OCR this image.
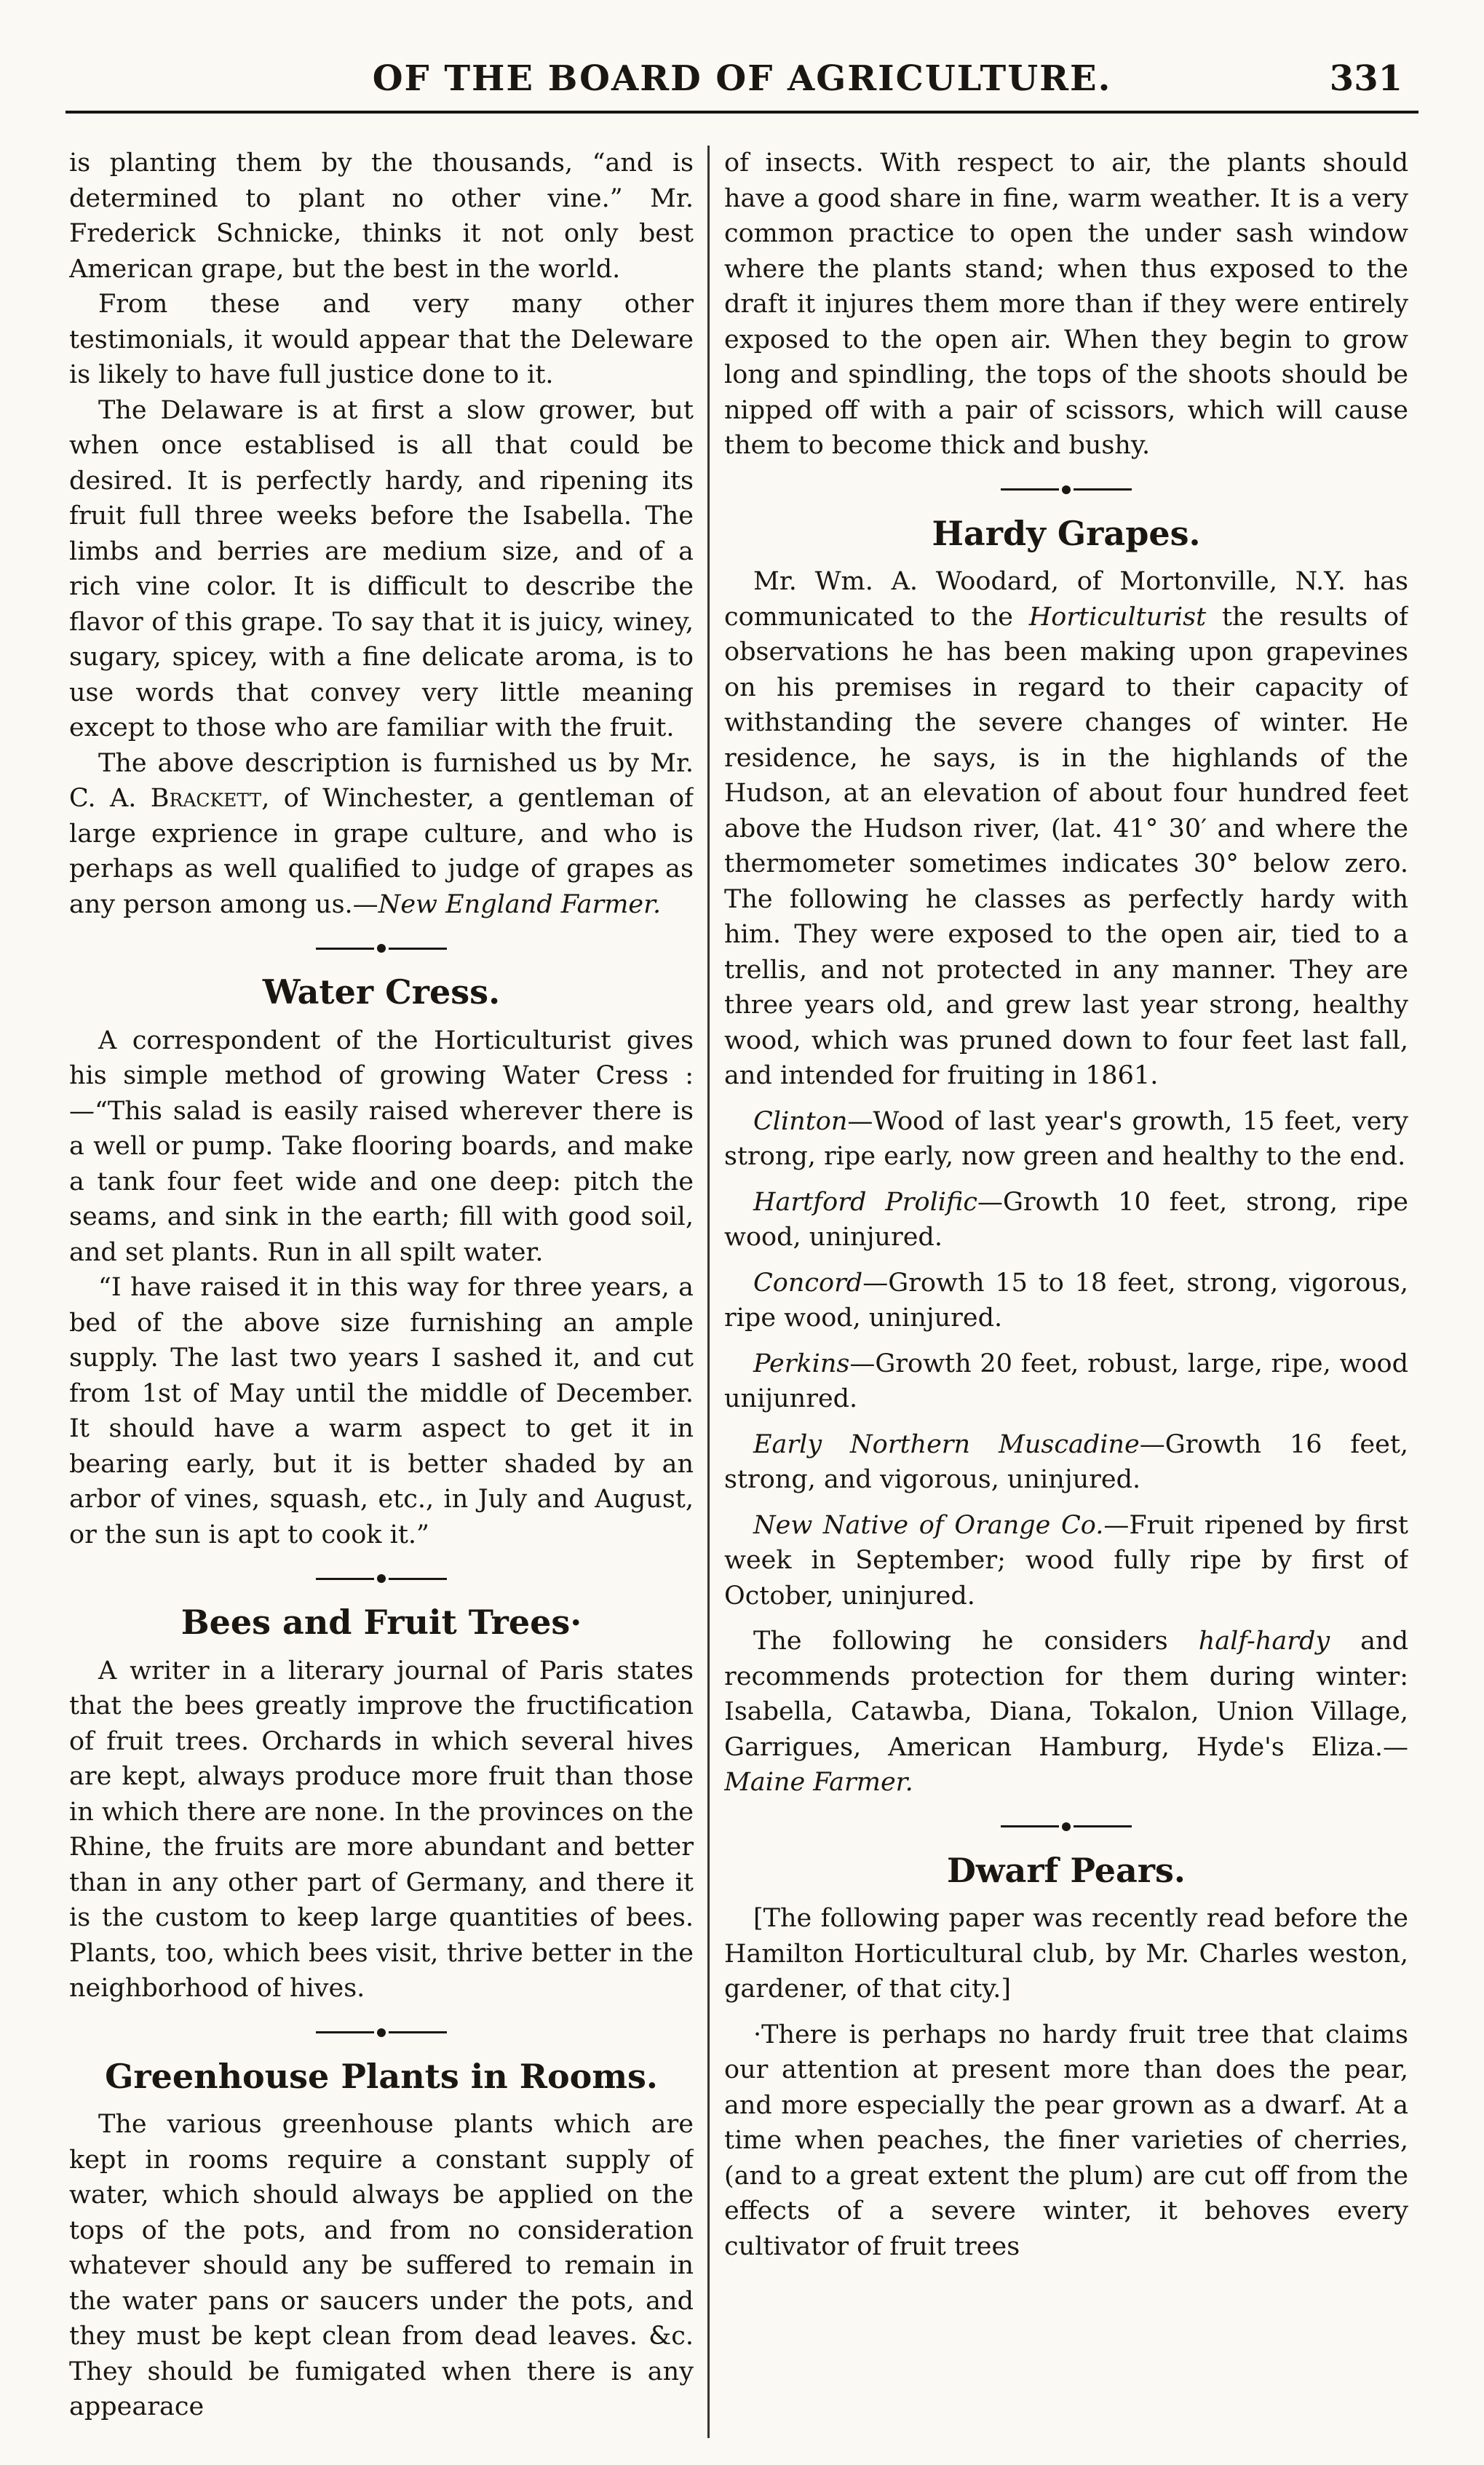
OF THE BOARD OF AGRICULTURE.	331

is planting them by the thousands, “and is determined to plant no other vine.” Mr. Frederick Schnicke, thinks it not only best American grape, but the best in the world.

From these and very many other testimonials, it would appear that the Deleware is likely to have full justice done to it.

The Delaware is at first a slow grower, but when once establised is all that could be desired. It is perfectly hardy, and ripening its fruit full three weeks before the Isabella. The limbs and berries are medium size, and of a rich vine color. It is difficult to describe the flavor of this grape. To say that it is juicy, winey, sugary, spicey, with a fine delicate aroma, is to use words that convey very little meaning except to those who are familiar with the fruit.

The above description is furnished us by Mr. C. A. Brackett, of Winchester, a gentleman of large exprience in grape culture, and who is perhaps as well qualified to judge of grapes as any person among us.—New England Farmer.

Water Cress.

A correspondent of the Horticulturist gives his simple method of growing Water Cress :—“This salad is easily raised wherever there is a well or pump. Take flooring boards, and make a tank four feet wide and one deep: pitch the seams, and sink in the earth; fill with good soil, and set plants. Run in all spilt water.

“I have raised it in this way for three years, a bed of the above size furnishing an ample supply. The last two years I sashed it, and cut from 1st of May until the middle of December. It should have a warm aspect to get it in bearing early, but it is better shaded by an arbor of vines, squash, etc., in July and August, or the sun is apt to cook it.”

Bees and Fruit Trees·

A writer in a literary journal of Paris states that the bees greatly improve the fructification of fruit trees. Orchards in which several hives are kept, always produce more fruit than those in which there are none. In the provinces on the Rhine, the fruits are more abundant and better than in any other part of Germany, and there it is the custom to keep large quantities of bees. Plants, too, which bees visit, thrive better in the neighborhood of hives.

Greenhouse Plants in Rooms.

The various greenhouse plants which are kept in rooms require a constant supply of water, which should always be applied on the tops of the pots, and from no consideration whatever should any be suffered to remain in the water pans or saucers under the pots, and they must be kept clean from dead leaves. &c. They should be fumigated when there is any appearace

of insects. With respect to air, the plants should have a good share in fine, warm weather. It is a very common practice to open the under sash window where the plants stand; when thus exposed to the draft it injures them more than if they were entirely exposed to the open air. When they begin to grow long and spindling, the tops of the shoots should be nipped off with a pair of scissors, which will cause them to become thick and bushy.

Hardy Grapes.

Mr. Wm. A. Woodard, of Mortonville, N.Y. has communicated to the Horticulturist the results of observations he has been making upon grapevines on his premises in regard to their capacity of withstanding the severe changes of winter. He residence, he says, is in the highlands of the Hudson, at an elevation of about four hundred feet above the Hudson river, (lat. 41° 30′ and where the thermometer sometimes indicates 30° below zero. The following he classes as perfectly hardy with him. They were exposed to the open air, tied to a trellis, and not protected in any manner. They are three years old, and grew last year strong, healthy wood, which was pruned down to four feet last fall, and intended for fruiting in 1861.

Clinton—Wood of last year's growth, 15 feet, very strong, ripe early, now green and healthy to the end.

Hartford Prolific—Growth 10 feet, strong, ripe wood, uninjured.

Concord—Growth 15 to 18 feet, strong, vigorous, ripe wood, uninjured.

Perkins—Growth 20 feet, robust, large, ripe, wood unijunred.

Early Northern Muscadine—Growth 16 feet, strong, and vigorous, uninjured.

New Native of Orange Co.—Fruit ripened by first week in September; wood fully ripe by first of October, uninjured.

The following he considers half-hardy and recommends protection for them during winter: Isabella, Catawba, Diana, Tokalon, Union Village, Garrigues, American Hamburg, Hyde's Eliza.—Maine Farmer.

Dwarf Pears.

[The following paper was recently read before the Hamilton Horticultural club, by Mr. Charles weston, gardener, of that city.]

·There is perhaps no hardy fruit tree that claims our attention at present more than does the pear, and more especially the pear grown as a dwarf. At a time when peaches, the finer varieties of cherries, (and to a great extent the plum) are cut off from the effects of a severe winter, it behoves every cultivator of fruit trees
